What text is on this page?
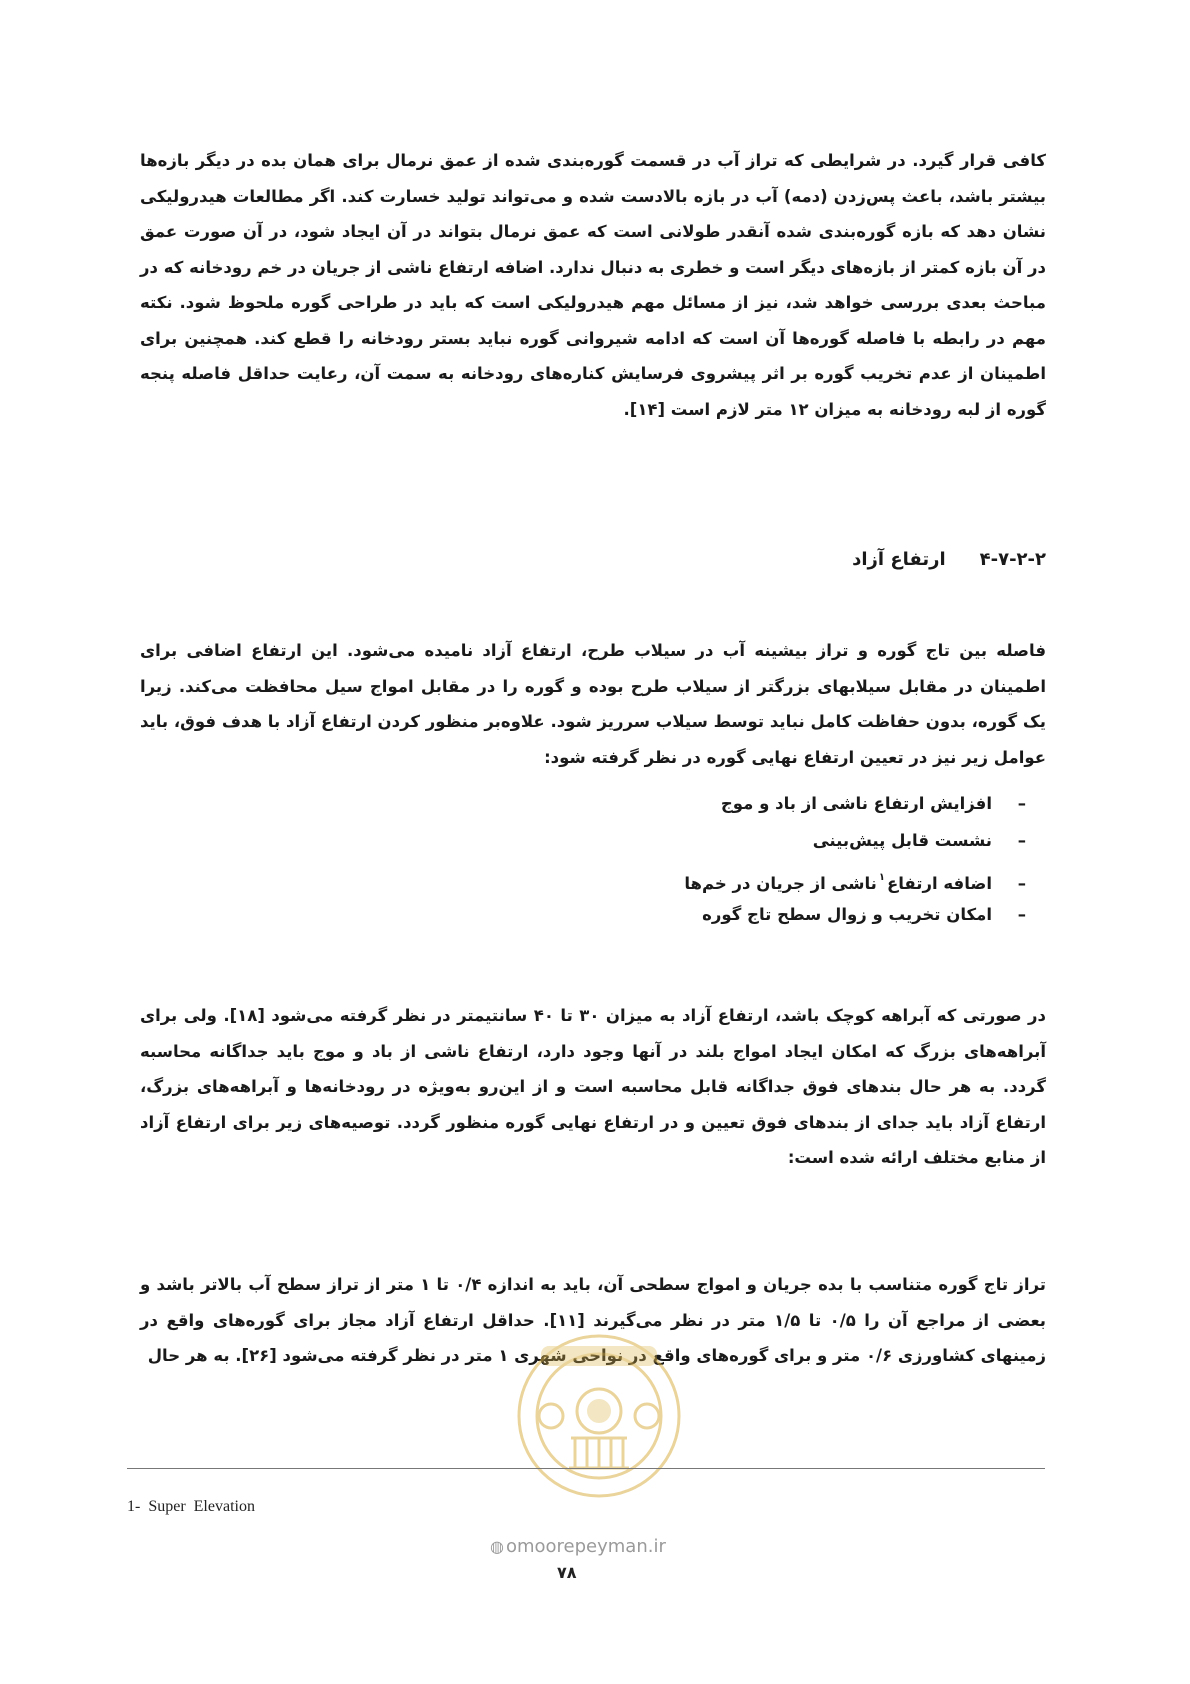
کافی قرار گیرد. در شرایطی که تراز آب در قسمت گوره‌بندی شده از عمق نرمال برای همان بده در دیگر بازه‌ها بیشتر باشد، باعث پس‌زدن (دمه) آب در بازه بالادست شده و می‌تواند تولید خسارت کند. اگر مطالعات هیدرولیکی نشان دهد که بازه گوره‌بندی شده آنقدر طولانی است که عمق نرمال بتواند در آن ایجاد شود، در آن صورت عمق در آن بازه کمتر از بازه‌های دیگر است و خطری به دنبال ندارد. اضافه ارتفاع ناشی از جریان در خم رودخانه که در مباحث بعدی بررسی خواهد شد، نیز از مسائل مهم هیدرولیکی است که باید در طراحی گوره ملحوظ شود. نکته مهم در رابطه با فاصله گوره‌ها آن است که ادامه شیروانی گوره نباید بستر رودخانه را قطع کند. همچنین برای اطمینان از عدم تخریب گوره بر اثر پیشروی فرسایش کناره‌های رودخانه به سمت آن، رعایت حداقل فاصله پنجه گوره از لبه رودخانه به میزان ۱۲ متر لازم است [۱۴].

۴-۷-۲-۲
ارتفاع آزاد

فاصله بین تاج گوره و تراز بیشینه آب در سیلاب طرح، ارتفاع آزاد نامیده می‌شود. این ارتفاع اضافی برای اطمینان در مقابل سیلابهای بزرگتر از سیلاب طرح بوده و گوره را در مقابل امواج سیل محافظت می‌کند. زیرا یک گوره، بدون حفاظت کامل نباید توسط سیلاب سرریز شود. علاوه‌بر منظور کردن ارتفاع آزاد با هدف فوق، باید عوامل زیر نیز در تعیین ارتفاع نهایی گوره در نظر گرفته شود:

–افزایش ارتفاع ناشی از باد و موج
–نشست قابل پیش‌بینی
–اضافه ارتفاع$^۱$ناشی از جریان در خم‌ها
–امکان تخریب و زوال سطح تاج گوره

در صورتی که آبراهه کوچک باشد، ارتفاع آزاد به میزان ۳۰ تا ۴۰ سانتیمتر در نظر گرفته می‌شود [۱۸]. ولی برای آبراهه‌های بزرگ که امکان ایجاد امواج بلند در آنها وجود دارد، ارتفاع ناشی از باد و موج باید جداگانه محاسبه گردد. به هر حال بندهای فوق جداگانه قابل محاسبه است و از این‌رو به‌ویژه در رودخانه‌ها و آبراهه‌های بزرگ، ارتفاع آزاد باید جدای از بندهای فوق تعیین و در ارتفاع نهایی گوره منظور گردد. توصیه‌های زیر برای ارتفاع آزاد از منابع مختلف ارائه شده است:

تراز تاج گوره متناسب با بده جریان و امواج سطحی آن، باید به اندازه ۰/۴ تا ۱ متر از تراز سطح آب بالاتر باشد و بعضی از مراجع آن را ۰/۵ تا ۱/۵ متر در نظر می‌گیرند [۱۱]. حداقل ارتفاع آزاد مجاز برای گوره‌های واقع در زمینهای کشاورزی ۰/۶ متر و برای گوره‌های واقع در نواحی شهری ۱ متر در نظر گرفته می‌شود [۲۶]. به هر حال

◍ omoorepeyman.ir
1- Super Elevation
۷۸
